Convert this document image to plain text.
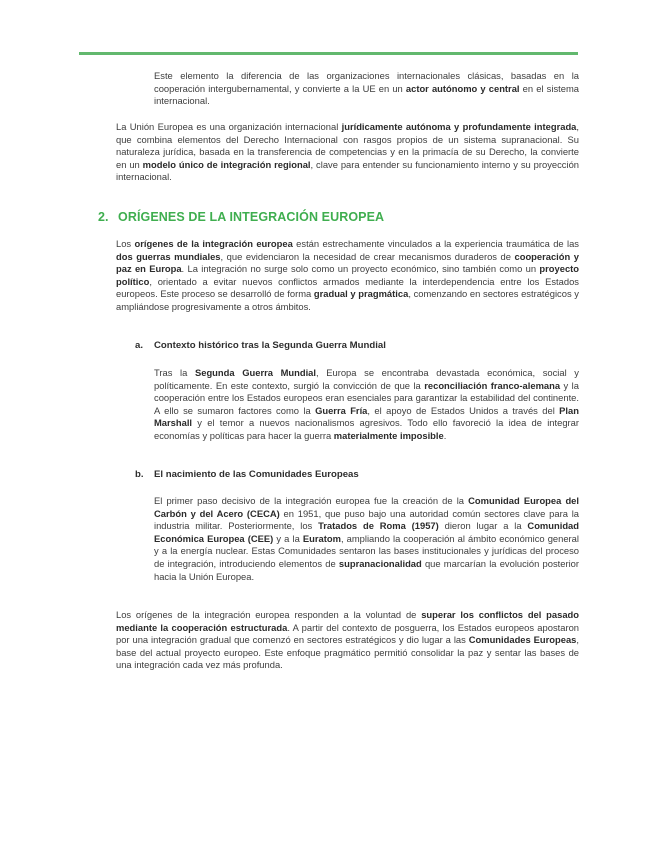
Este elemento la diferencia de las organizaciones internacionales clásicas, basadas en la cooperación intergubernamental, y convierte a la UE en un actor autónomo y central en el sistema internacional.

La Unión Europea es una organización internacional jurídicamente autónoma y profundamente integrada, que combina elementos del Derecho Internacional con rasgos propios de un sistema supranacional. Su naturaleza jurídica, basada en la transferencia de competencias y en la primacía de su Derecho, la convierte en un modelo único de integración regional, clave para entender su funcionamiento interno y su proyección internacional.

2. ORÍGENES DE LA INTEGRACIÓN EUROPEA

Los orígenes de la integración europea están estrechamente vinculados a la experiencia traumática de las dos guerras mundiales, que evidenciaron la necesidad de crear mecanismos duraderos de cooperación y paz en Europa. La integración no surge solo como un proyecto económico, sino también como un proyecto político, orientado a evitar nuevos conflictos armados mediante la interdependencia entre los Estados europeos. Este proceso se desarrolló de forma gradual y pragmática, comenzando en sectores estratégicos y ampliándose progresivamente a otros ámbitos.

a. Contexto histórico tras la Segunda Guerra Mundial

Tras la Segunda Guerra Mundial, Europa se encontraba devastada económica, social y políticamente. En este contexto, surgió la convicción de que la reconciliación franco-alemana y la cooperación entre los Estados europeos eran esenciales para garantizar la estabilidad del continente. A ello se sumaron factores como la Guerra Fría, el apoyo de Estados Unidos a través del Plan Marshall y el temor a nuevos nacionalismos agresivos. Todo ello favoreció la idea de integrar economías y políticas para hacer la guerra materialmente imposible.

b. El nacimiento de las Comunidades Europeas

El primer paso decisivo de la integración europea fue la creación de la Comunidad Europea del Carbón y del Acero (CECA) en 1951, que puso bajo una autoridad común sectores clave para la industria militar. Posteriormente, los Tratados de Roma (1957) dieron lugar a la Comunidad Económica Europea (CEE) y a la Euratom, ampliando la cooperación al ámbito económico general y a la energía nuclear. Estas Comunidades sentaron las bases institucionales y jurídicas del proceso de integración, introduciendo elementos de supranacionalidad que marcarían la evolución posterior hacia la Unión Europea.

Los orígenes de la integración europea responden a la voluntad de superar los conflictos del pasado mediante la cooperación estructurada. A partir del contexto de posguerra, los Estados europeos apostaron por una integración gradual que comenzó en sectores estratégicos y dio lugar a las Comunidades Europeas, base del actual proyecto europeo. Este enfoque pragmático permitió consolidar la paz y sentar las bases de una integración cada vez más profunda.
